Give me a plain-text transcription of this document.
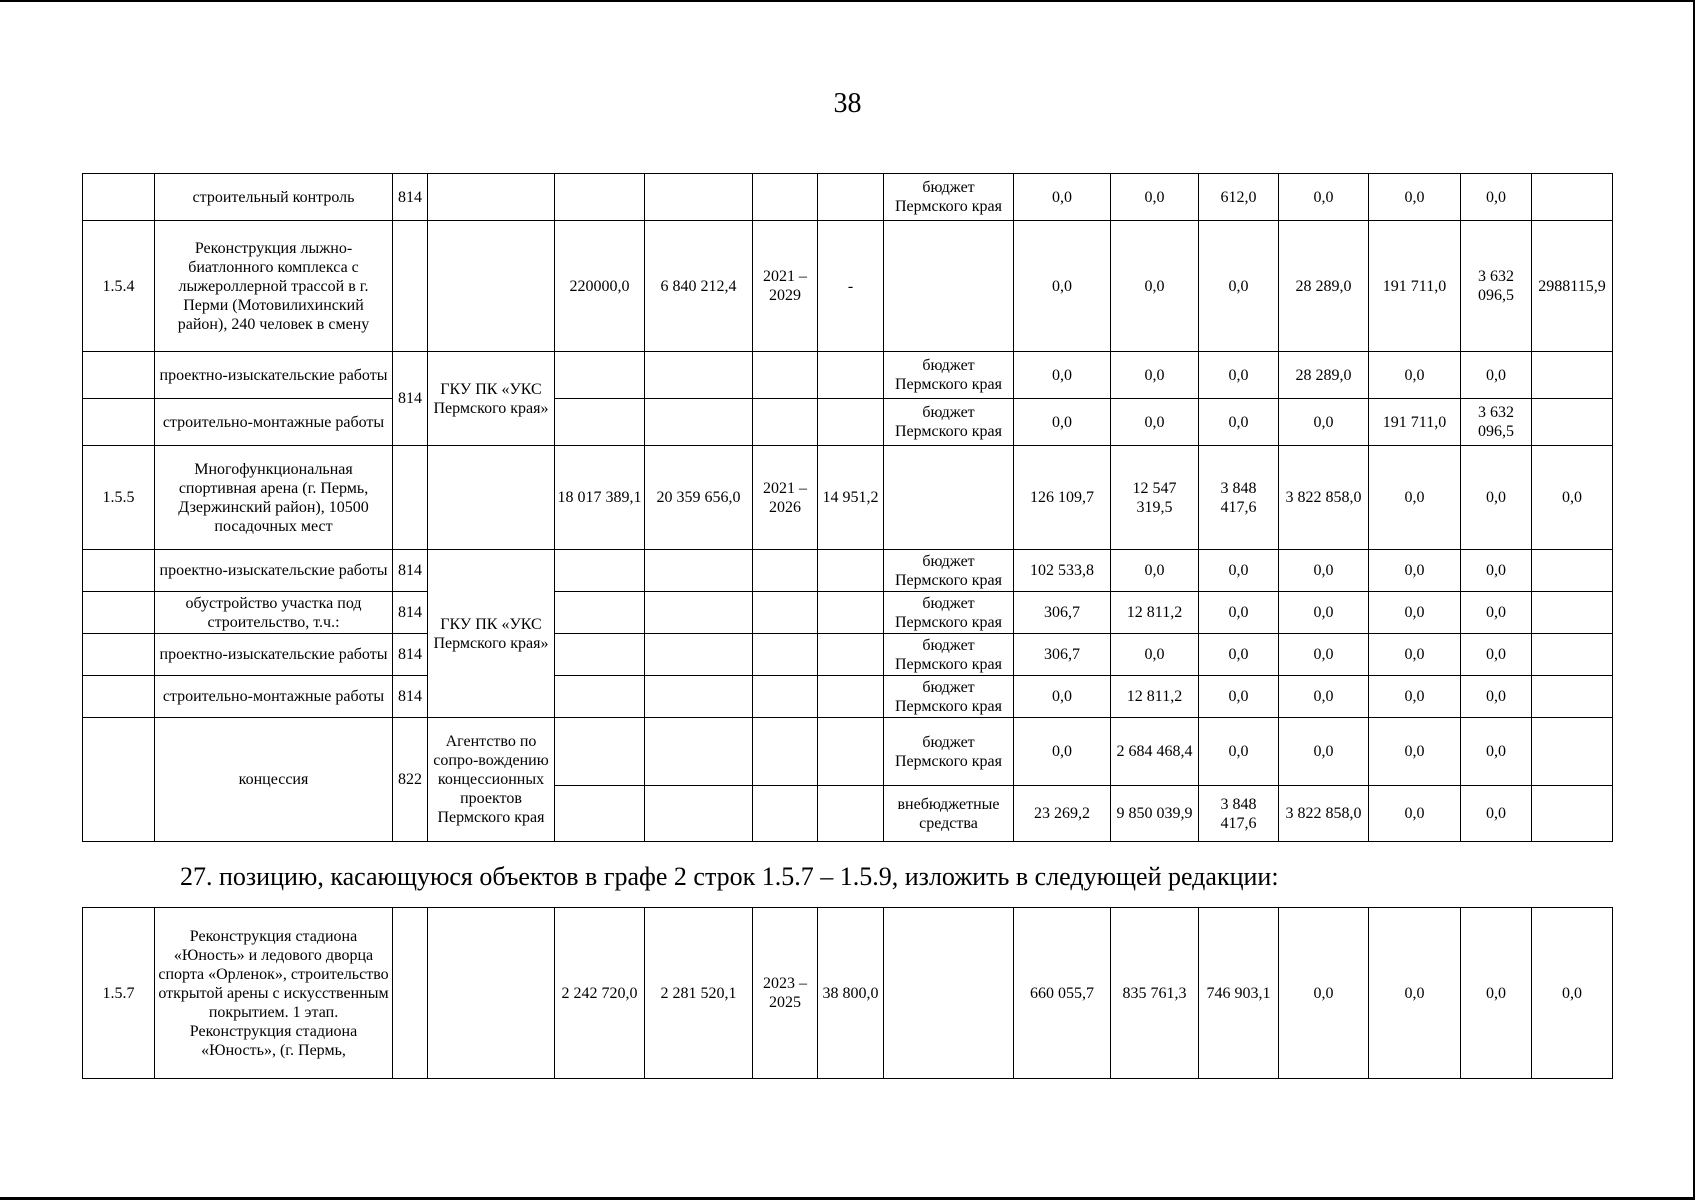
38
	строительный контроль	814						бюджет Пермского края	0,0	0,0	612,0	0,0	0,0	0,0	
1.5.4	Реконструкция лыжно-биатлонного комплекса с лыжероллерной трассой в г. Перми (Мотовилихинский район), 240 человек в смену			220000,0	6 840 212,4	2021 – 2029	-		0,0	0,0	0,0	28 289,0	191 711,0	3 632 096,5	2988115,9
	проектно-изыскательские работы	814	ГКУ ПК «УКС Пермского края»					бюджет Пермского края	0,0	0,0	0,0	28 289,0	0,0	0,0	
	строительно-монтажные работы							бюджет Пермского края	0,0	0,0	0,0	0,0	191 711,0	3 632 096,5	
1.5.5	Многофункциональная спортивная арена (г. Пермь, Дзержинский район), 10500 посадочных мест			18 017 389,1	20 359 656,0	2021 – 2026	14 951,2		126 109,7	12 547 319,5	3 848 417,6	3 822 858,0	0,0	0,0	0,0
	проектно-изыскательские работы	814	ГКУ ПК «УКС Пермского края»					бюджет Пермского края	102 533,8	0,0	0,0	0,0	0,0	0,0	
	обустройство участка под строительство, т.ч.:	814						бюджет Пермского края	306,7	12 811,2	0,0	0,0	0,0	0,0	
	проектно-изыскательские работы	814						бюджет Пермского края	306,7	0,0	0,0	0,0	0,0	0,0	
	строительно-монтажные работы	814						бюджет Пермского края	0,0	12 811,2	0,0	0,0	0,0	0,0	
	концессия	822	Агентство по сопро-вождению концессионных проектов Пермского края					бюджет Пермского края	0,0	2 684 468,4	0,0	0,0	0,0	0,0	
								внебюджетные средства	23 269,2	9 850 039,9	3 848 417,6	3 822 858,0	0,0	0,0	
27. позицию, касающуюся объектов в графе 2 строк 1.5.7 – 1.5.9, изложить в следующей редакции:
1.5.7	Реконструкция стадиона «Юность» и ледового дворца спорта «Орленок», строительство открытой арены с искусственным покрытием. 1 этап. Реконструкция стадиона «Юность», (г. Пермь,			2 242 720,0	2 281 520,1	2023 – 2025	38 800,0		660 055,7	835 761,3	746 903,1	0,0	0,0	0,0	0,0
